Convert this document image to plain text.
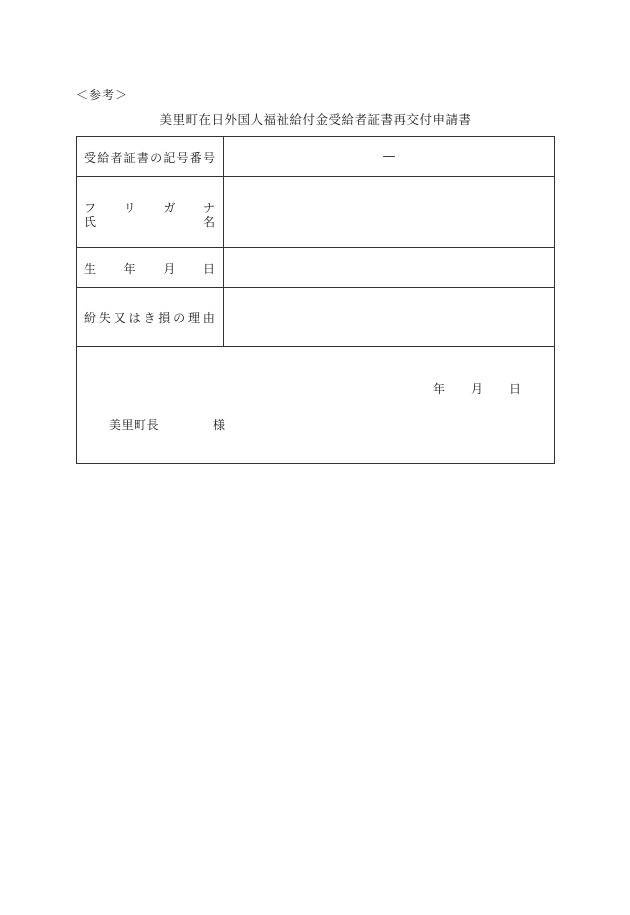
＜参考＞
美里町在日外国人福祉給付金受給者証書再交付申請書
受 給 者 証 書 の 記 号 番 号	—
フ リ ガ ナ
氏	名
生 年 月 日
紛 失 又 は き 損 の 理 由
年 月 日
美里町長	様
